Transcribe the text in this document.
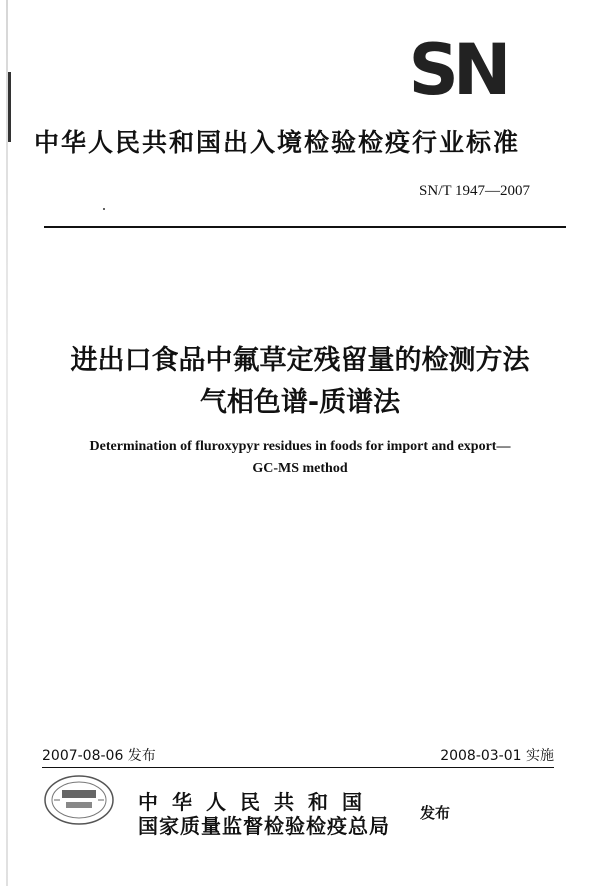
SN
中华人民共和国出入境检验检疫行业标准
SN/T 1947—2007
进出口食品中氟草定残留量的检测方法
气相色谱-质谱法
Determination of fluroxypyr residues in foods for import and export—
GC-MS method
2007-08-06 发布	2008-03-01 实施
中华人民共和国
国家质量监督检验检疫总局
发布
